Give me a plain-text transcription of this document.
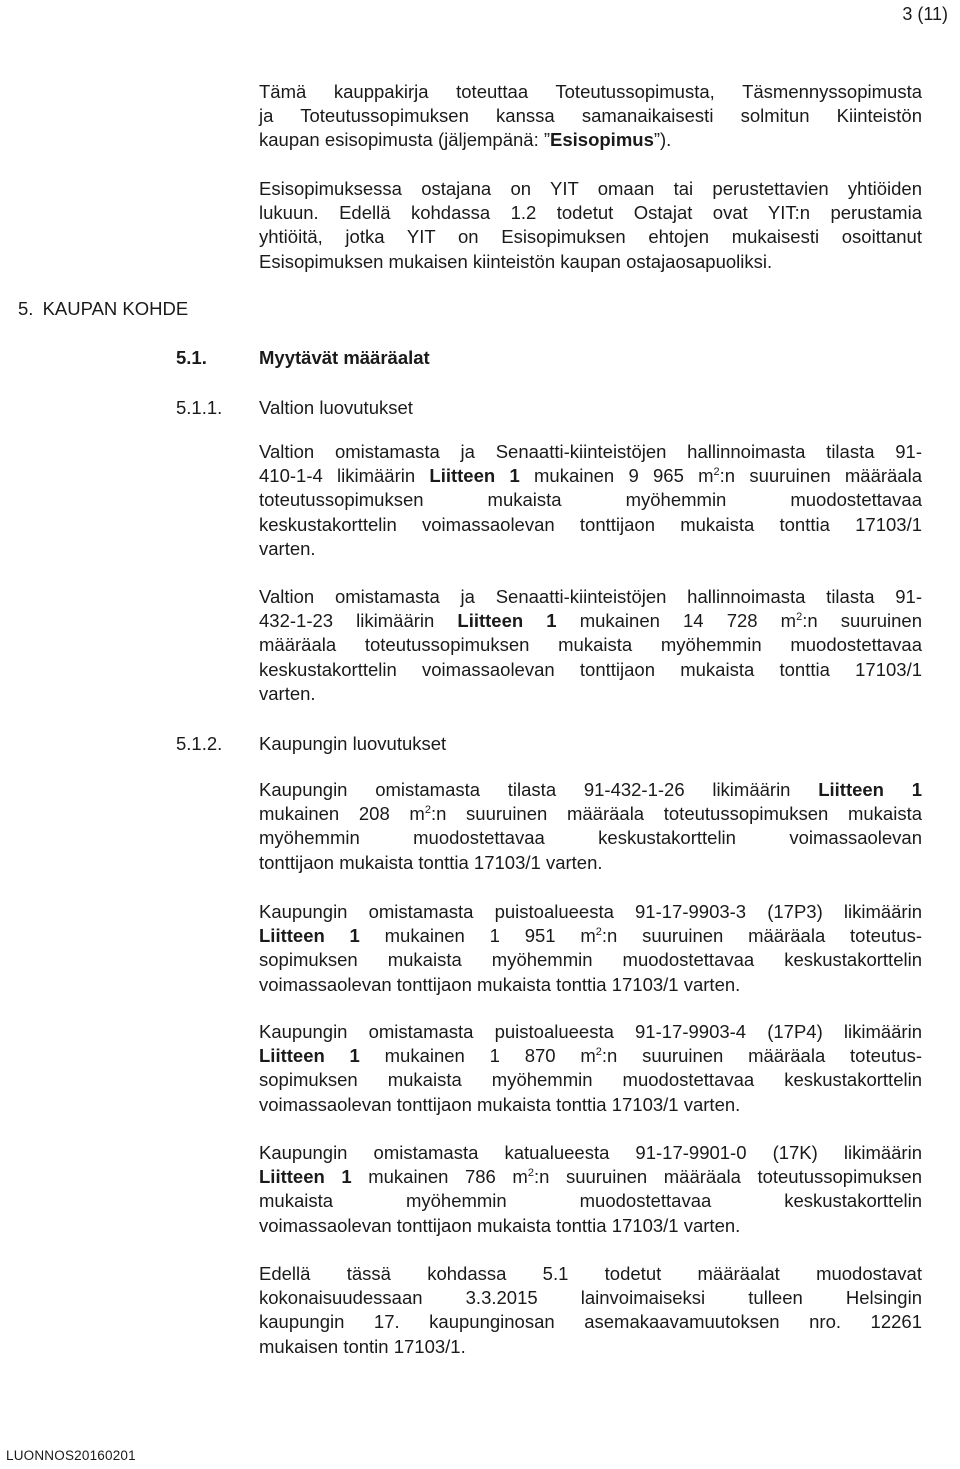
3 (11)
Tämä kauppakirja toteuttaa Toteutussopimusta, Täsmennyssopimusta
ja Toteutussopimuksen kanssa samanaikaisesti solmitun Kiinteistön
kaupan esisopimusta (jäljempänä: ”Esisopimus”).
Esisopimuksessa ostajana on YIT omaan tai perustettavien yhtiöiden
lukuun. Edellä kohdassa 1.2 todetut Ostajat ovat YIT:n perustamia
yhtiöitä, jotka YIT on Esisopimuksen ehtojen mukaisesti osoittanut
Esisopimuksen mukaisen kiinteistön kaupan ostajaosapuoliksi.
5. KAUPAN KOHDE
5.1.	Myytävät määräalat
5.1.1. Valtion luovutukset
Valtion omistamasta ja Senaatti-kiinteistöjen hallinnoimasta tilasta 91-
410-1-4 likimäärin Liitteen 1 mukainen 9 965 $m^2:n$ suuruinen määräala
toteutussopimuksen mukaista myöhemmin muodostettavaa
keskustakorttelin voimassaolevan tonttijaon mukaista tonttia 17103/1
varten.
Valtion omistamasta ja Senaatti-kiinteistöjen hallinnoimasta tilasta 91-
432-1-23 likimäärin Liitteen 1 mukainen 14 728 $m^2:n$ suuruinen
määräala toteutussopimuksen mukaista myöhemmin muodostettavaa
keskustakorttelin voimassaolevan tonttijaon mukaista tonttia 17103/1
varten.
5.1.2. Kaupungin luovutukset
Kaupungin omistamasta tilasta 91-432-1-26 likimäärin Liitteen 1
mukainen 208 $m^2:n$ suuruinen määräala toteutussopimuksen mukaista
myöhemmin muodostettavaa keskustakorttelin voimassaolevan
tonttijaon mukaista tonttia 17103/1 varten.
Kaupungin omistamasta puistoalueesta 91-17-9903-3 (17P3) likimäärin
Liitteen 1 mukainen 1 951 $m^2:n$ suuruinen määräala toteutus-
sopimuksen mukaista myöhemmin muodostettavaa keskustakorttelin
voimassaolevan tonttijaon mukaista tonttia 17103/1 varten.
Kaupungin omistamasta puistoalueesta 91-17-9903-4 (17P4) likimäärin
Liitteen 1 mukainen 1 870 $m^2:n$ suuruinen määräala toteutus-
sopimuksen mukaista myöhemmin muodostettavaa keskustakorttelin
voimassaolevan tonttijaon mukaista tonttia 17103/1 varten.
Kaupungin omistamasta katualueesta 91-17-9901-0 (17K) likimäärin
Liitteen 1 mukainen 786 $m^2:n$ suuruinen määräala toteutussopimuksen
mukaista myöhemmin muodostettavaa keskustakorttelin
voimassaolevan tonttijaon mukaista tonttia 17103/1 varten.
Edellä tässä kohdassa 5.1 todetut määräalat muodostavat
kokonaisuudessaan 3.3.2015 lainvoimaiseksi tulleen Helsingin
kaupungin 17. kaupunginosan asemakaavamuutoksen nro. 12261
mukaisen tontin 17103/1.
LUONNOS20160201
